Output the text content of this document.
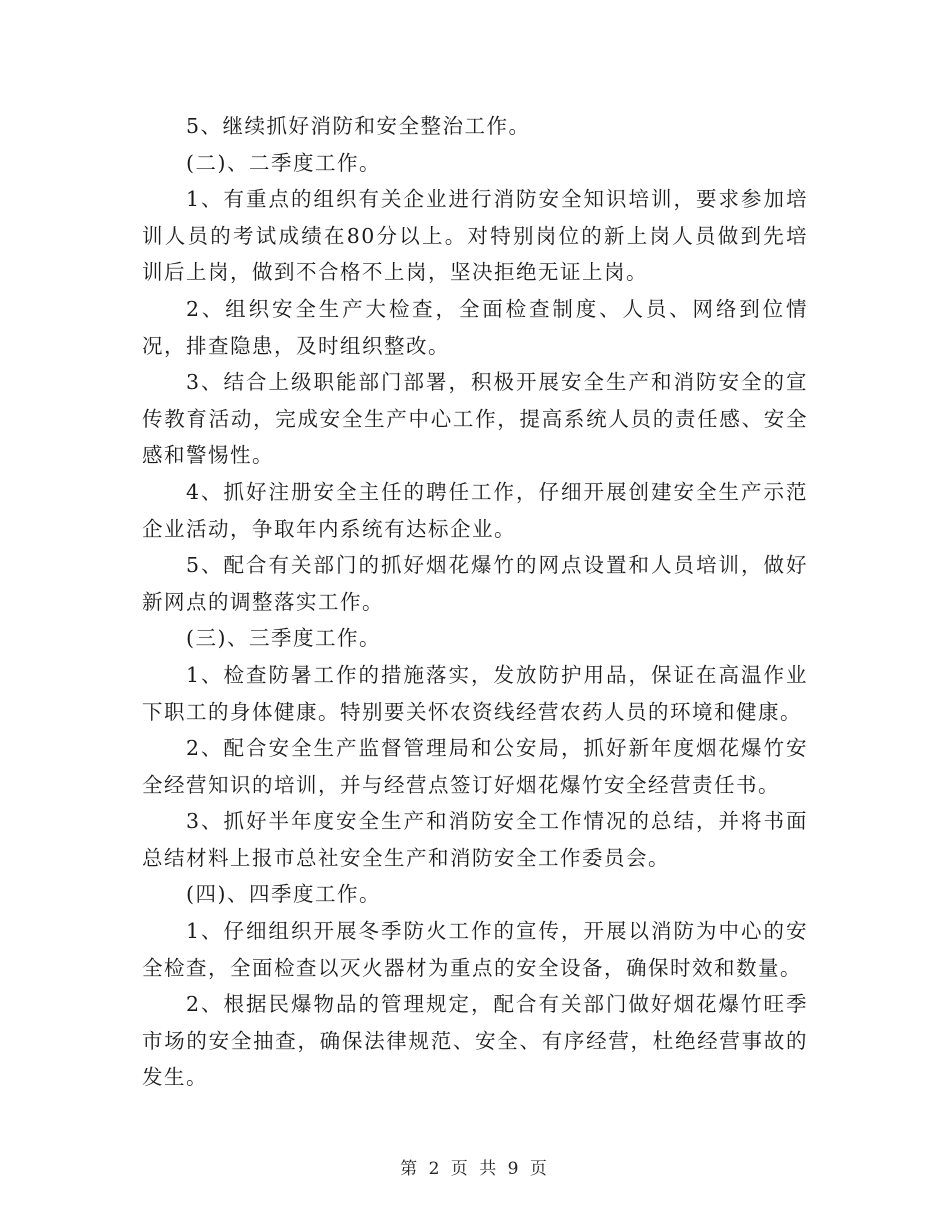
5、继续抓好消防和安全整治工作。

(二)、二季度工作。

1、有重点的组织有关企业进行消防安全知识培训，要求参加培训人员的考试成绩在80分以上。对特别岗位的新上岗人员做到先培训后上岗，做到不合格不上岗，坚决拒绝无证上岗。

2、组织安全生产大检查，全面检查制度、人员、网络到位情况，排查隐患，及时组织整改。

3、结合上级职能部门部署，积极开展安全生产和消防安全的宣传教育活动，完成安全生产中心工作，提高系统人员的责任感、安全感和警惕性。

4、抓好注册安全主任的聘任工作，仔细开展创建安全生产示范企业活动，争取年内系统有达标企业。

5、配合有关部门的抓好烟花爆竹的网点设置和人员培训，做好新网点的调整落实工作。

(三)、三季度工作。

1、检查防暑工作的措施落实，发放防护用品，保证在高温作业下职工的身体健康。特别要关怀农资线经营农药人员的环境和健康。

2、配合安全生产监督管理局和公安局，抓好新年度烟花爆竹安全经营知识的培训，并与经营点签订好烟花爆竹安全经营责任书。

3、抓好半年度安全生产和消防安全工作情况的总结，并将书面总结材料上报市总社安全生产和消防安全工作委员会。

(四)、四季度工作。

1、仔细组织开展冬季防火工作的宣传，开展以消防为中心的安全检查，全面检查以灭火器材为重点的安全设备，确保时效和数量。

2、根据民爆物品的管理规定，配合有关部门做好烟花爆竹旺季市场的安全抽查，确保法律规范、安全、有序经营，杜绝经营事故的发生。

第 2 页 共 9 页
